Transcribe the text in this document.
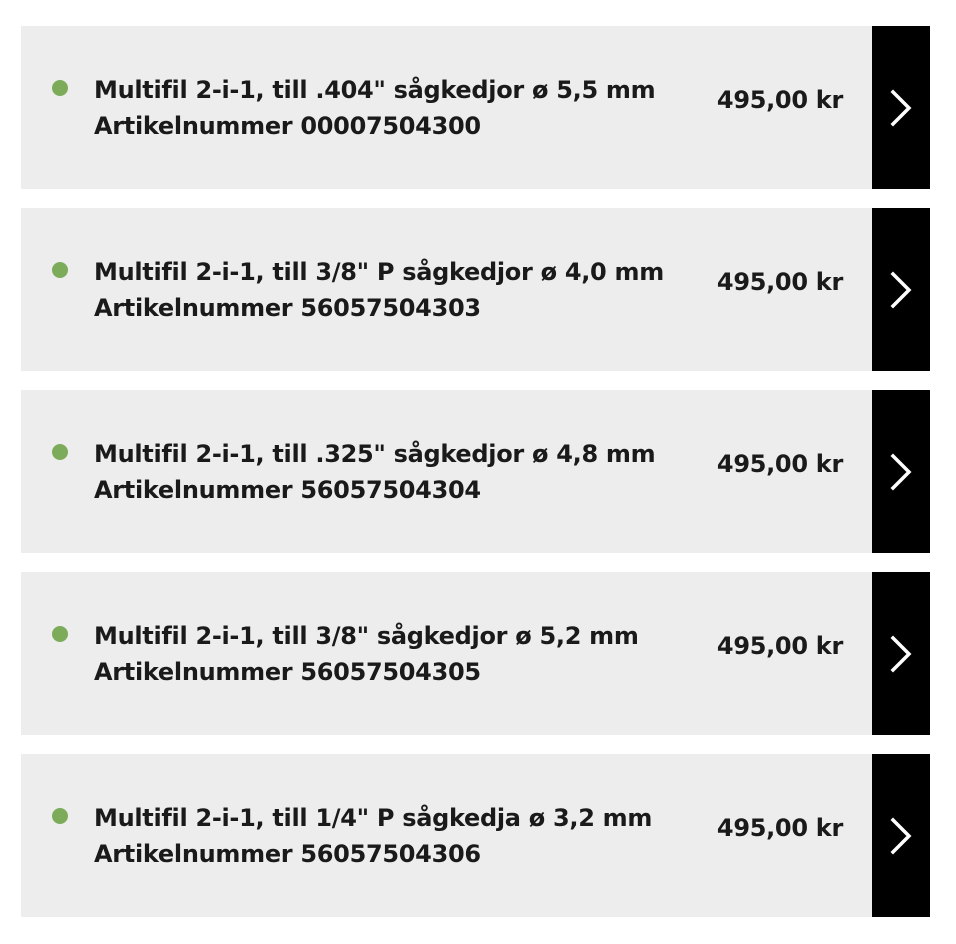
Multifil 2-i-1, till .404" sågkedjor ø 5,5 mm
Artikelnummer 00007504300
495,00 kr
Multifil 2-i-1, till 3/8" P sågkedjor ø 4,0 mm
Artikelnummer 56057504303
495,00 kr
Multifil 2-i-1, till .325" sågkedjor ø 4,8 mm
Artikelnummer 56057504304
495,00 kr
Multifil 2-i-1, till 3/8" sågkedjor ø 5,2 mm
Artikelnummer 56057504305
495,00 kr
Multifil 2-i-1, till 1/4" P sågkedja ø 3,2 mm
Artikelnummer 56057504306
495,00 kr
